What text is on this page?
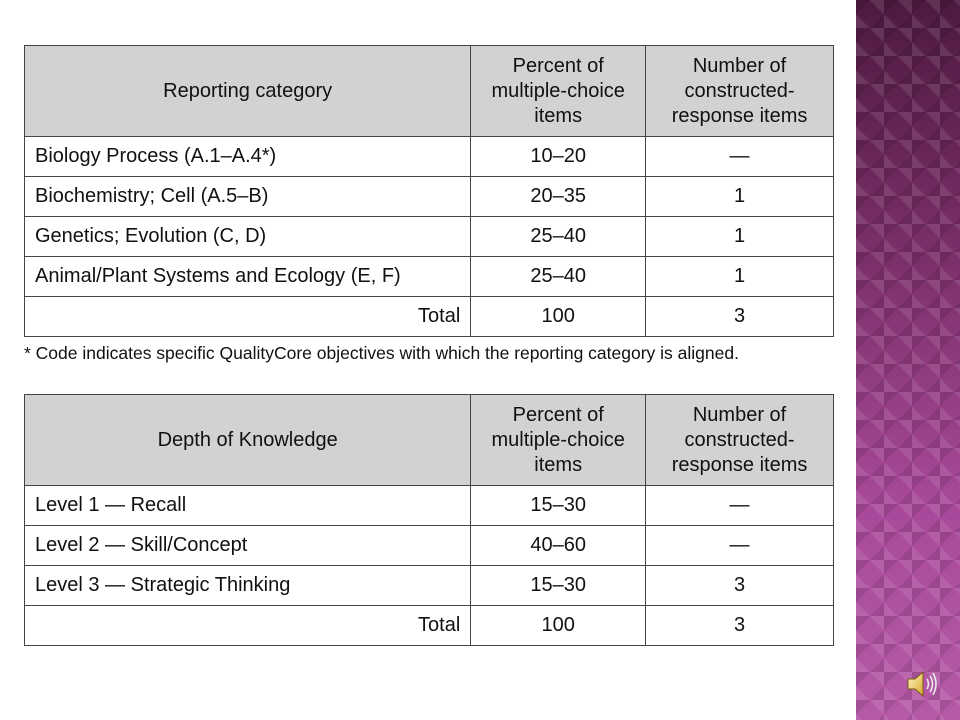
Reporting category	Percent of multiple-choice items	Number of constructed-response items
Biology Process (A.1–A.4*)	10–20	—
Biochemistry; Cell (A.5–B)	20–35	1
Genetics; Evolution (C, D)	25–40	1
Animal/Plant Systems and Ecology (E, F)	25–40	1
Total	100	3
* Code indicates specific QualityCore objectives with which the reporting category is aligned.
Depth of Knowledge	Percent of multiple-choice items	Number of constructed-response items
Level 1 — Recall	15–30	—
Level 2 — Skill/Concept	40–60	—
Level 3 — Strategic Thinking	15–30	3
Total	100	3
